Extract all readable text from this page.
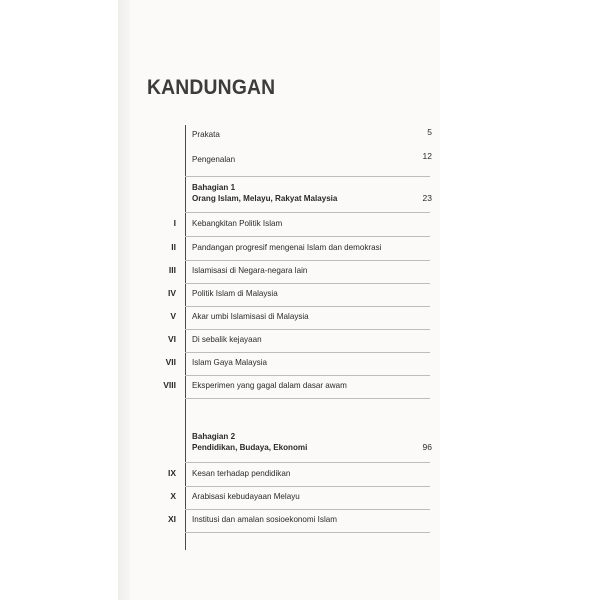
KANDUNGAN
Prakata	5
Pengenalan	12
Bahagian 1
Orang Islam, Melayu, Rakyat Malaysia	23
I Kebangkitan Politik Islam
II Pandangan progresif mengenai Islam dan demokrasi
III Islamisasi di Negara-negara lain
IV Politik Islam di Malaysia
V Akar umbi Islamisasi di Malaysia
VI Di sebalik kejayaan
VII Islam Gaya Malaysia
VIII Eksperimen yang gagal dalam dasar awam
Bahagian 2
Pendidikan, Budaya, Ekonomi	96
IX Kesan terhadap pendidikan
X Arabisasi kebudayaan Melayu
XI Institusi dan amalan sosioekonomi Islam
